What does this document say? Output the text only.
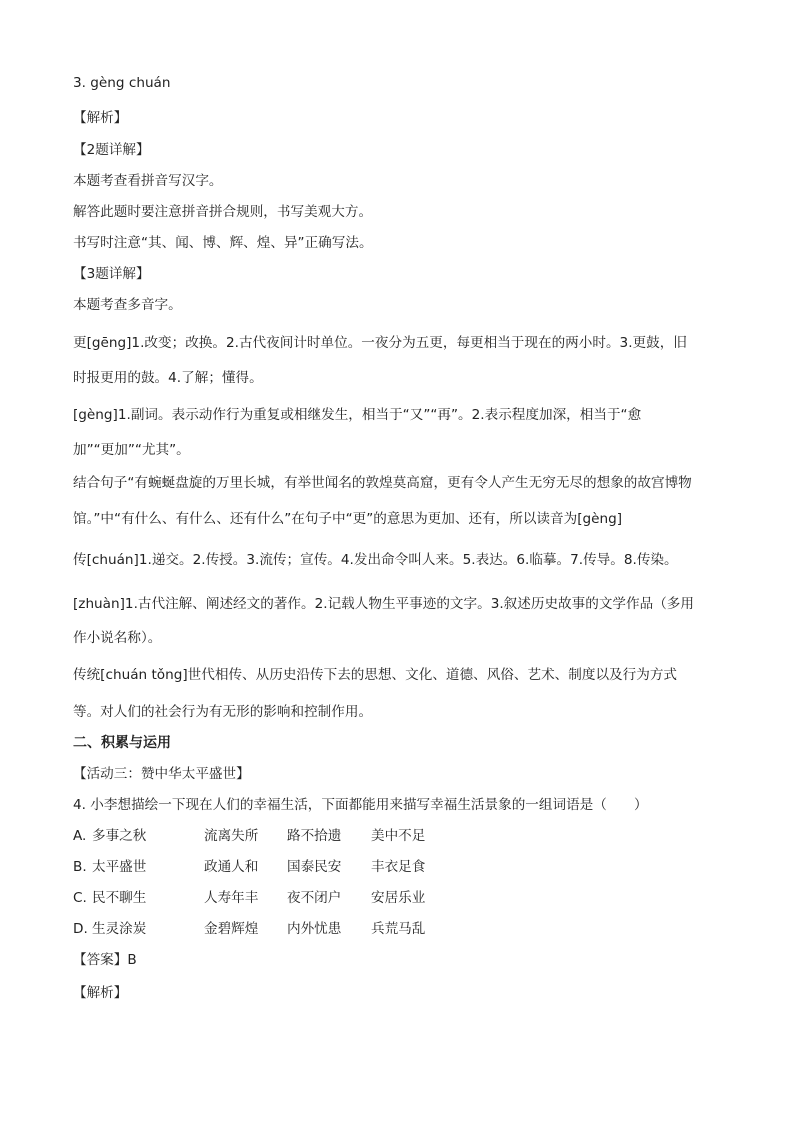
3. gèng chuán
【解析】
【2题详解】
本题考查看拼音写汉字。
解答此题时要注意拼音拼合规则，书写美观大方。
书写时注意“其、闻、博、辉、煌、异”正确写法。
【3题详解】
本题考查多音字。
更[gēng]1.改变；改换。2.古代夜间计时单位。一夜分为五更，每更相当于现在的两小时。3.更鼓，旧
时报更用的鼓。4.了解；懂得。
[gèng]1.副词。表示动作行为重复或相继发生，相当于“又”“再”。2.表示程度加深，相当于“愈
加”“更加”“尤其”。
结合句子“有蜿蜒盘旋的万里长城，有举世闻名的敦煌莫高窟，更有令人产生无穷无尽的想象的故宫博物
馆。”中“有什么、有什么、还有什么”在句子中“更”的意思为更加、还有，所以读音为[gèng]
传[chuán]1.递交。2.传授。3.流传；宣传。4.发出命令叫人来。5.表达。6.临摹。7.传导。8.传染。
[zhuàn]1.古代注解、阐述经文的著作。2.记载人物生平事迹的文字。3.叙述历史故事的文学作品（多用
作小说名称）。
传统[chuán tǒng]世代相传、从历史沿传下去的思想、文化、道德、风俗、艺术、制度以及行为方式
等。对人们的社会行为有无形的影响和控制作用。
二、积累与运用
【活动三：赞中华太平盛世】
4. 小李想描绘一下现在人们的幸福生活，下面都能用来描写幸福生活景象的一组词语是（　　）
A. 多事之秋	流离失所 路不拾遗 美中不足
B. 太平盛世	政通人和 国泰民安 丰衣足食
C. 民不聊生	人寿年丰 夜不闭户 安居乐业
D. 生灵涂炭	金碧辉煌 内外忧患 兵荒马乱
【答案】B
【解析】
